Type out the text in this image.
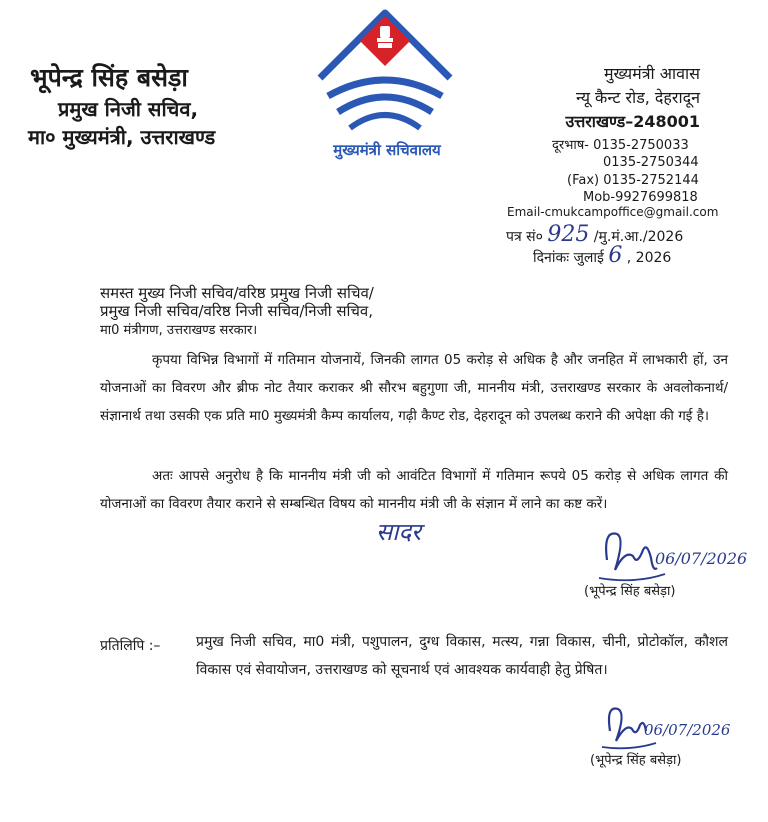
भूपेन्द्र सिंह बसेड़ा
प्रमुख निजी सचिव,
मा० मुख्यमंत्री, उत्तराखण्ड
मुख्यमंत्री सचिवालय
मुख्यमंत्री आवास
न्यू कैन्ट रोड, देहरादून
उत्तराखण्ड–248001
दूरभाष- 0135-2750033
0135-2750344
(Fax) 0135-2752144
Mob-9927699818
Email-cmukcampoffice@gmail.com
पत्र सं० 925 /मु.मं.आ./2026
दिनांकः जुलाई 6 , 2026
समस्त मुख्य निजी सचिव/वरिष्ठ प्रमुख निजी सचिव/
प्रमुख निजी सचिव/वरिष्ठ निजी सचिव/निजी सचिव,
मा0 मंत्रीगण, उत्तराखण्ड सरकार।
कृपया विभिन्न विभागों में गतिमान योजनायें, जिनकी लागत 05 करोड़ से अधिक है और जनहित में लाभकारी हों, उन योजनाओं का विवरण और ब्रीफ नोट तैयार कराकर श्री सौरभ बहुगुणा जी, माननीय मंत्री, उत्तराखण्ड सरकार के अवलोकनार्थ/संज्ञानार्थ तथा उसकी एक प्रति मा0 मुख्यमंत्री कैम्प कार्यालय, गढ़ी कैण्ट रोड, देहरादून को उपलब्ध कराने की अपेक्षा की गई है।
अतः आपसे अनुरोध है कि माननीय मंत्री जी को आवंटित विभागों में गतिमान रूपये 05 करोड़ से अधिक लागत की योजनाओं का विवरण तैयार कराने से सम्बन्धित विषय को माननीय मंत्री जी के संज्ञान में लाने का कष्ट करें।
सादर
06/07/2026
(भूपेन्द्र सिंह बसेड़ा)
प्रतिलिपि :–	प्रमुख निजी सचिव, मा0 मंत्री, पशुपालन, दुग्ध विकास, मत्स्य, गन्ना विकास, चीनी, प्रोटोकॉल, कौशल विकास एवं सेवायोजन, उत्तराखण्ड को सूचनार्थ एवं आवश्यक कार्यवाही हेतु प्रेषित।
06/07/2026
(भूपेन्द्र सिंह बसेड़ा)
